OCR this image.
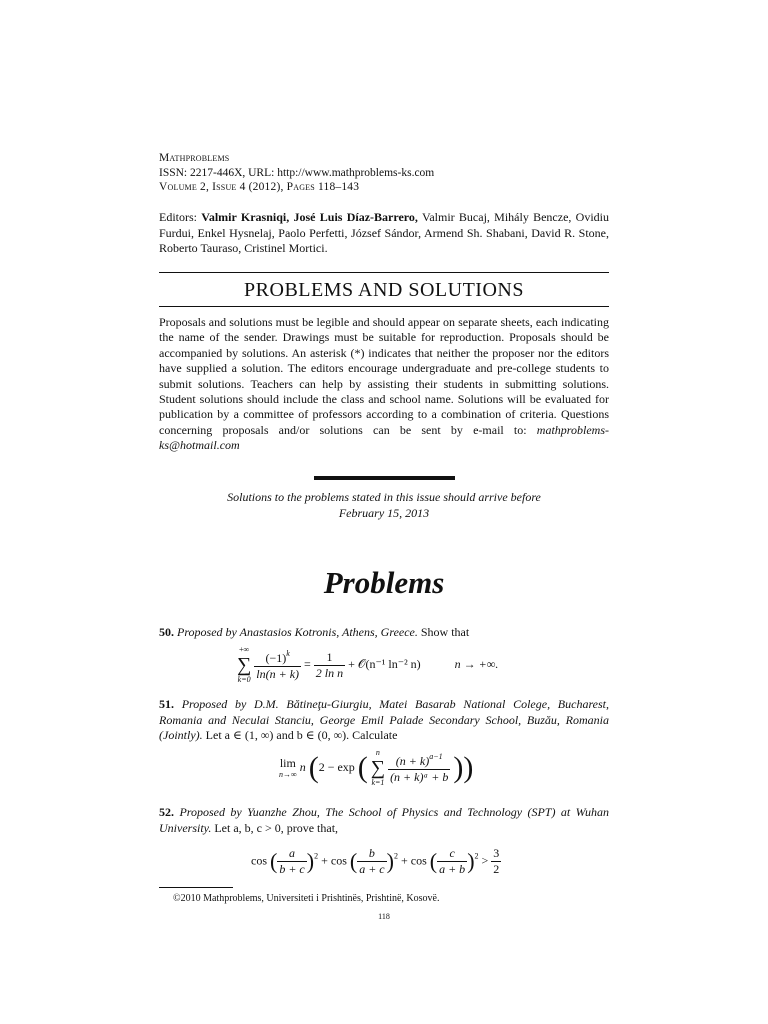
Mathproblems
ISSN: 2217-446X, URL: http://www.mathproblems-ks.com
Volume 2, Issue 4 (2012), Pages 118–143
Editors: Valmir Krasniqi, José Luis Díaz-Barrero, Valmir Bucaj, Mihály Bencze, Ovidiu Furdui, Enkel Hysnelaj, Paolo Perfetti, József Sándor, Armend Sh. Shabani, David R. Stone, Roberto Tauraso, Cristinel Mortici.
PROBLEMS AND SOLUTIONS
Proposals and solutions must be legible and should appear on separate sheets, each indicating the name of the sender. Drawings must be suitable for reproduction. Proposals should be accompanied by solutions. An asterisk (*) indicates that neither the proposer nor the editors have supplied a solution. The editors encourage undergraduate and pre-college students to submit solutions. Teachers can help by assisting their students in submitting solutions. Student solutions should include the class and school name. Solutions will be evaluated for publication by a committee of professors according to a combination of criteria. Questions concerning proposals and/or solutions can be sent by e-mail to: mathproblems-ks@hotmail.com
Solutions to the problems stated in this issue should arrive before
February 15, 2013
Problems
50. Proposed by Anastasios Kotronis, Athens, Greece. Show that
+∞
∑
k=0
$\frac{(-1)^k}{\ln(n + k)} = \frac{1}{\text{2 ln n}}$ + 𝒪(n⁻¹ ln⁻² n)	n → +∞.
51. Proposed by D.M. Bătineţu-Giurgiu, Matei Basarab National Colege, Bucharest, Romania and Neculai Stanciu, George Emil Palade Secondary School, Buzău, Romania (Jointly). Let a ∈ (1, ∞) and b ∈ (0, ∞). Calculate
lim
n→∞
n (2 − exp (	n
∑
k=1
$\frac{(n + k)^{a-1}}{\text{(n + k)ᵃ + b}}$ ))
52. Proposed by Yuanzhe Zhou, The School of Physics and Technology (SPT) at Wuhan University. Let a, b, c > 0, prove that,
cos ( $\frac{a}{b + c} )^2 + \cos$ ( $\frac{b}{a + c} )^2 + \cos$ ( $\frac{c}{a + b} )^2 > \frac{3}{2}$
©2010 Mathproblems, Universiteti i Prishtinës, Prishtinë, Kosovë.
118
